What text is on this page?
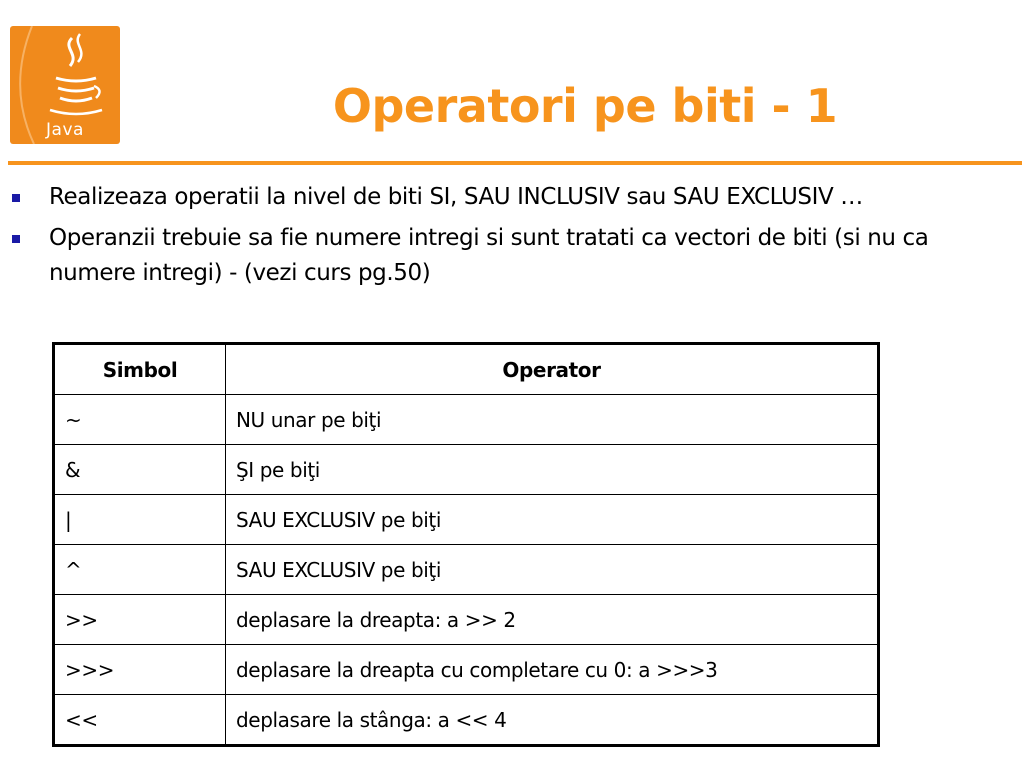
Java	Operatori pe biti - 1
Realizeaza operatii la nivel de biti SI, SAU INCLUSIV sau SAU EXCLUSIV …
Operanzii trebuie sa fie numere intregi si sunt tratati ca vectori de biti (si nu ca numere intregi) - (vezi curs pg.50)
Simbol	Operator
~	NU unar pe biţi
&	ŞI pe biţi
|	SAU EXCLUSIV pe biţi
^	SAU EXCLUSIV pe biţi
>>	deplasare la dreapta: a >> 2
>>>	deplasare la dreapta cu completare cu 0: a >>>3
<<	deplasare la stânga: a << 4
